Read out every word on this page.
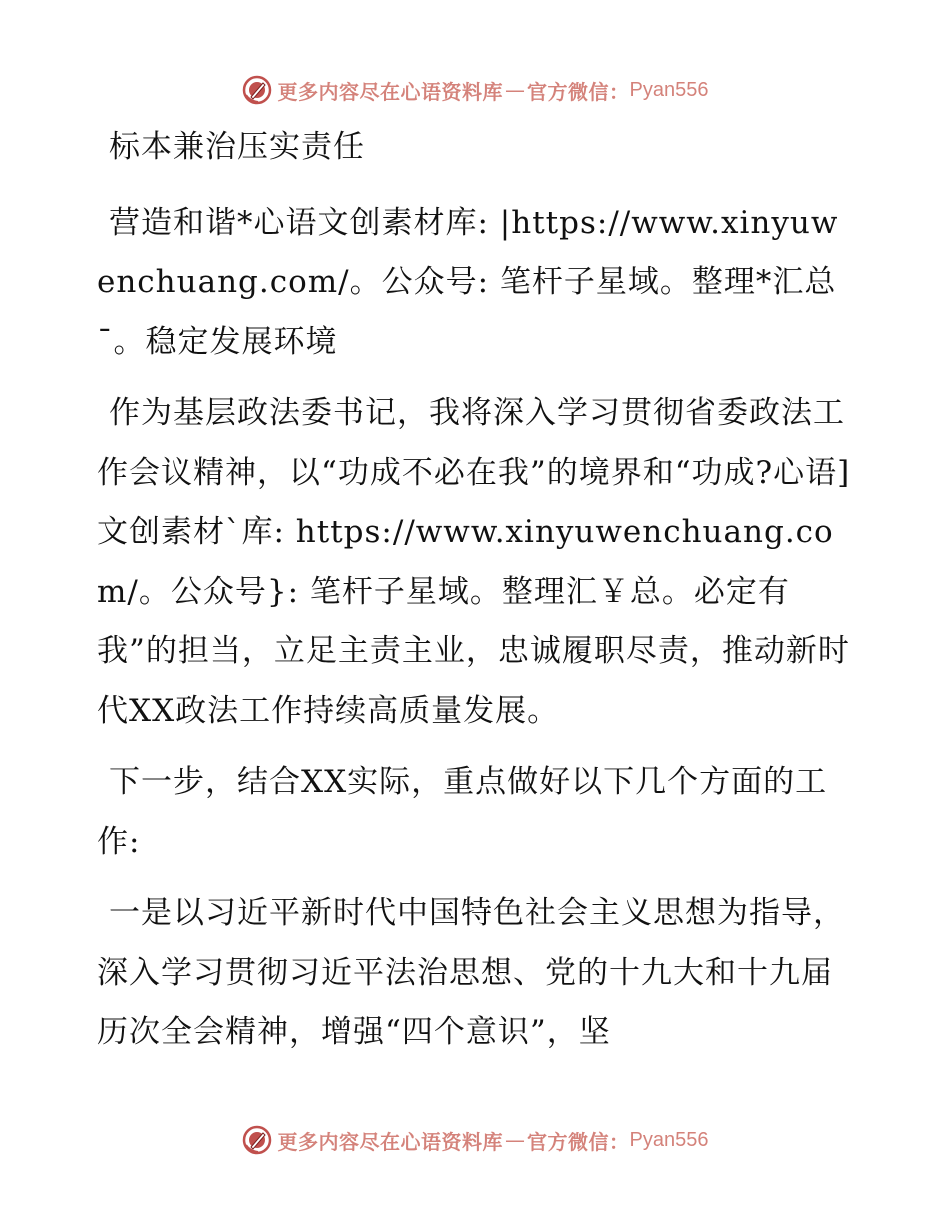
更多内容尽在心语资料库 — 官方微信： Pyan556

标本兼治压实责任

营造和谐*心语文创素材库: |https://www.xinyuwenchuang.com/。公众号: 笔杆子星域。整理*汇总¯。稳定发展环境

作为基层政法委书记，我将深入学习贯彻省委政法工作会议精神，以“功成不必在我”的境界和“功成?心语]文创素材`库: https://www.xinyuwenchuang.com/。公众号}: 笔杆子星域。整理汇￥总。必定有我”的担当，立足主责主业，忠诚履职尽责，推动新时代XX政法工作持续高质量发展。

下一步，结合XX实际，重点做好以下几个方面的工作:

一是以习近平新时代中国特色社会主义思想为指导，深入学习贯彻习近平法治思想、党的十九大和十九届历次全会精神，增强“四个意识”，坚

更多内容尽在心语资料库 — 官方微信： Pyan556
